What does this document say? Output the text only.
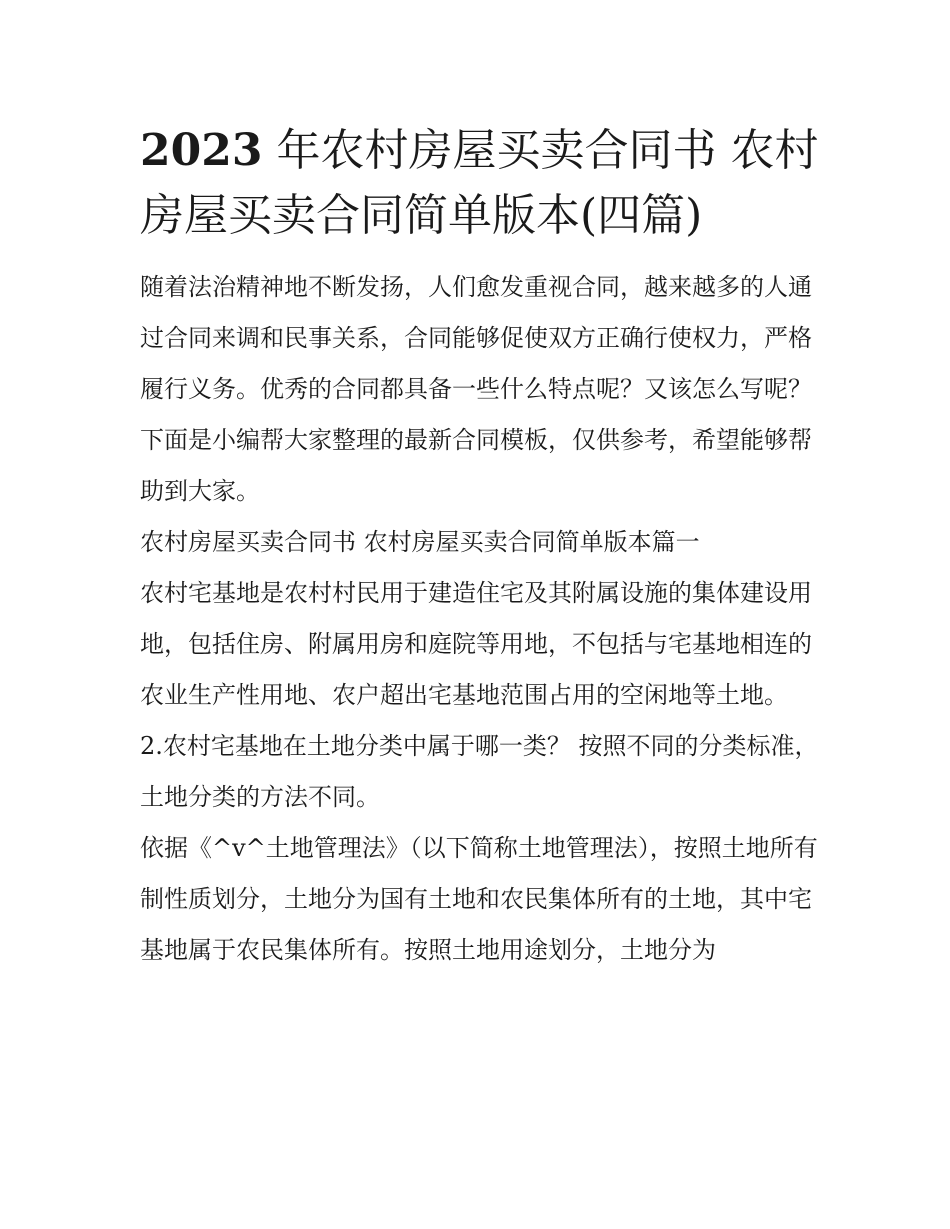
2023 年农村房屋买卖合同书 农村房屋买卖合同简单版本(四篇)

随着法治精神地不断发扬，人们愈发重视合同，越来越多的人通过合同来调和民事关系，合同能够促使双方正确行使权力，严格履行义务。优秀的合同都具备一些什么特点呢？又该怎么写呢？下面是小编帮大家整理的最新合同模板，仅供参考，希望能够帮助到大家。

农村房屋买卖合同书 农村房屋买卖合同简单版本篇一

农村宅基地是农村村民用于建造住宅及其附属设施的集体建设用地，包括住房、附属用房和庭院等用地，不包括与宅基地相连的农业生产性用地、农户超出宅基地范围占用的空闲地等土地。

2.农村宅基地在土地分类中属于哪一类？ 按照不同的分类标准，土地分类的方法不同。

依据《^v^土地管理法》（以下简称土地管理法），按照土地所有制性质划分，土地分为国有土地和农民集体所有的土地，其中宅基地属于农民集体所有。按照土地用途划分，土地分为
